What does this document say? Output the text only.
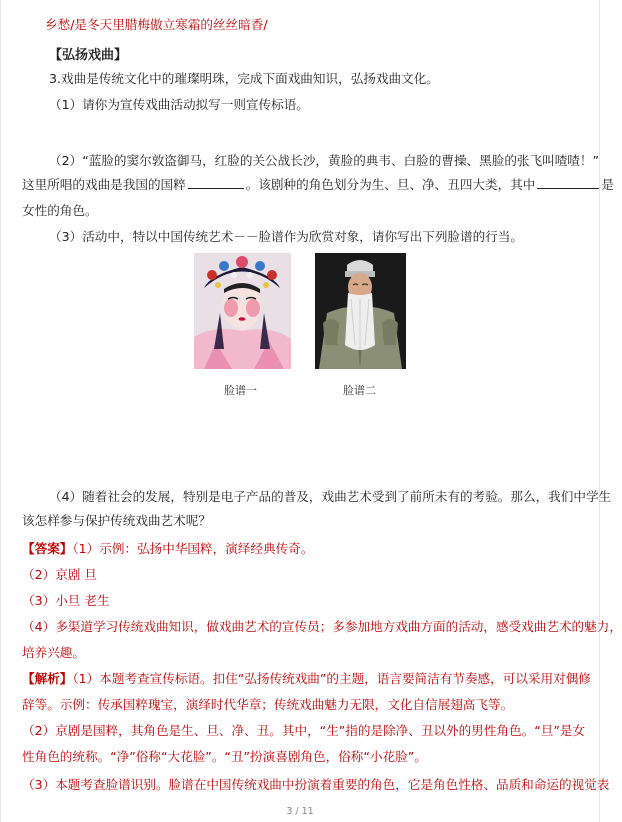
乡愁/是冬天里腊梅傲立寒霜的丝丝暗香/
【弘扬戏曲】
3.戏曲是传统文化中的璀璨明珠，完成下面戏曲知识，弘扬戏曲文化。
（1）请你为宣传戏曲活动拟写一则宣传标语。
（2）“蓝脸的窦尔敦盗御马，红脸的关公战长沙，黄脸的典韦、白脸的曹操、黑脸的张飞叫喳喳！”
这里所唱的戏曲是我国的国粹	。该剧种的角色划分为生、旦、净、丑四大类，其中	是
女性的角色。
（3）活动中，特以中国传统艺术－－脸谱作为欣赏对象，请你写出下列脸谱的行当。
脸谱一	脸谱二
（4）随着社会的发展，特别是电子产品的普及，戏曲艺术受到了前所未有的考验。那么，我们中学生
该怎样参与保护传统戏曲艺术呢？
【答案】（1）示例：弘扬中华国粹，演绎经典传奇。
（2）京剧 旦
（3）小旦 老生
（4）多渠道学习传统戏曲知识，做戏曲艺术的宣传员；多参加地方戏曲方面的活动，感受戏曲艺术的魅力，
培养兴趣。
【解析】（1）本题考查宣传标语。扣住“弘扬传统戏曲”的主题，语言要简洁有节奏感，可以采用对偶修
辞等。示例：传承国粹瑰宝，演绎时代华章；传统戏曲魅力无限，文化自信展翅高飞等。
（2）京剧是国粹，其角色是生、旦、净、丑。其中，“生”指的是除净、丑以外的男性角色。“旦”是女
性角色的统称。“净”俗称“大花脸”。“丑”扮演喜剧角色，俗称“小花脸”。
（3）本题考查脸谱识别。脸谱在中国传统戏曲中扮演着重要的角色，它是角色性格、品质和命运的视觉表
3 / 11
